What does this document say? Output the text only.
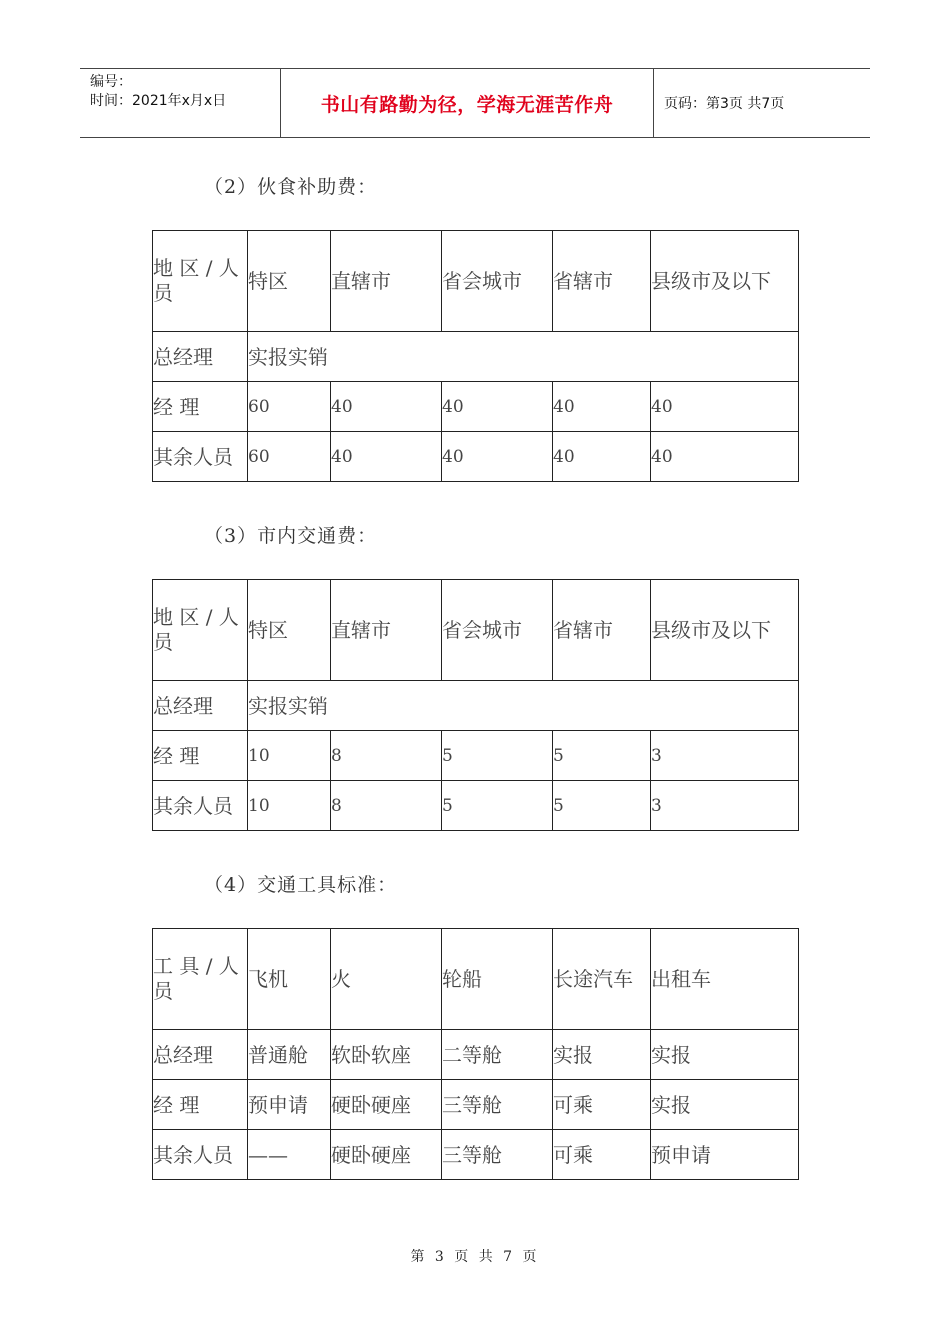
编号：
时间：2021年x月x日	书山有路勤为径，学海无涯苦作舟	页码：第3页 共7页
（2）伙食补助费：
地 区 / 人员	特区	直辖市	省会城市	省辖市	县级市及以下
总经理	实报实销				
经 理	60	40	40	40	40
其余人员	60	40	40	40	40
（3）市内交通费：
地 区 / 人员	特区	直辖市	省会城市	省辖市	县级市及以下
总经理	实报实销				
经 理	10	8	5	5	3
其余人员	10	8	5	5	3
（4）交通工具标准：
工 具 / 人员	飞机	火	轮船	长途汽车	出租车
总经理	普通舱	软卧软座	二等舱	实报	实报
经 理	预申请	硬卧硬座	三等舱	可乘	实报
其余人员	——	硬卧硬座	三等舱	可乘	预申请
第 3 页 共 7 页
